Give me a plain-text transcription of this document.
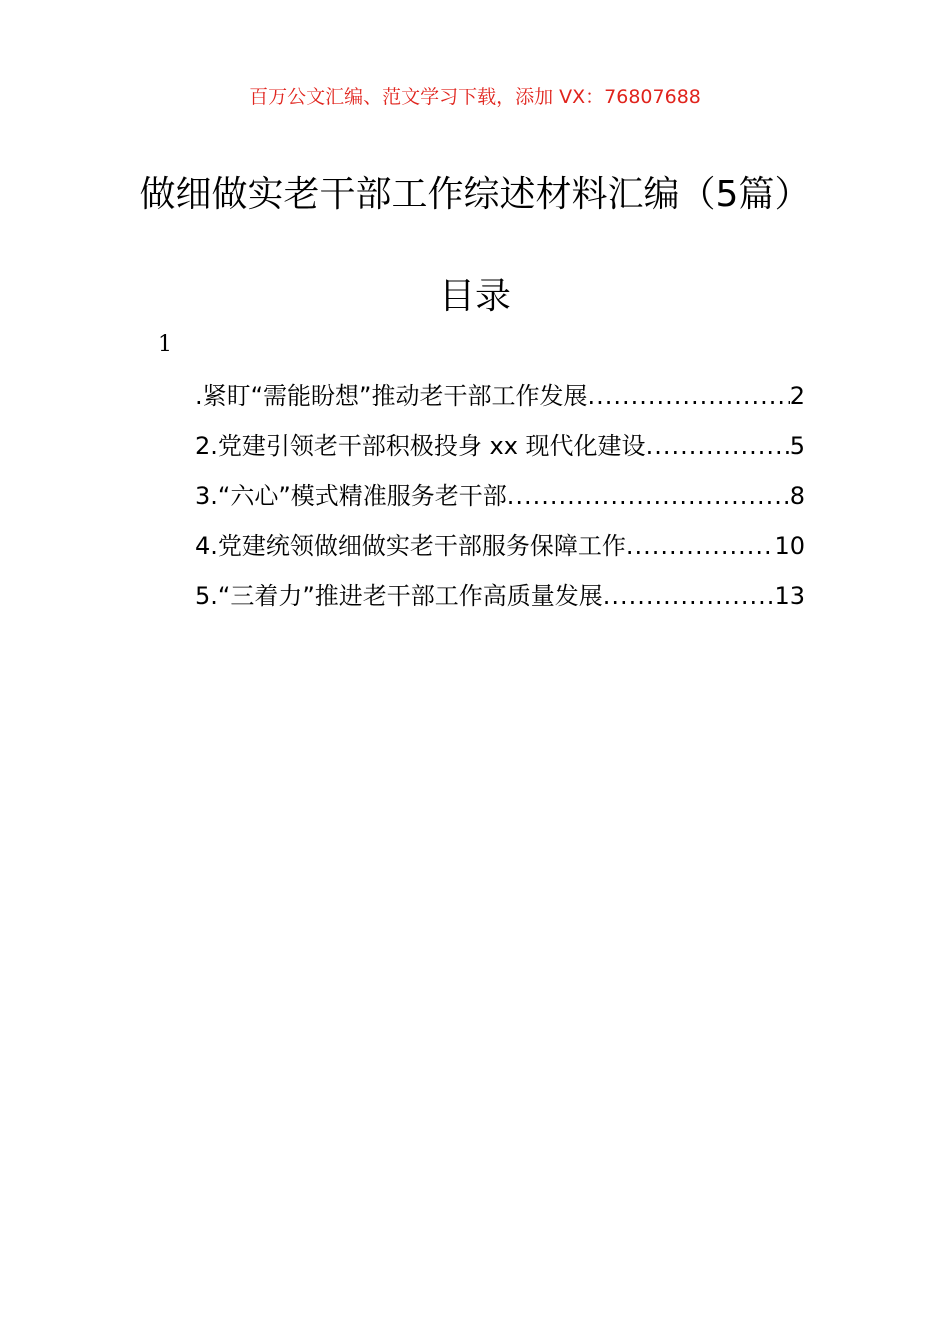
百万公文汇编、范文学习下载，添加 VX：76807688
做细做实老干部工作综述材料汇编（5篇）
目录
1
.紧盯“需能盼想”推动老干部工作发展 .....	2
2.党建引领老干部积极投身 xx 现代化建设 .....	5
3.“六心”模式精准服务老干部 .....	8
4.党建统领做细做实老干部服务保障工作 .....	10
5.“三着力”推进老干部工作高质量发展 .....	13
